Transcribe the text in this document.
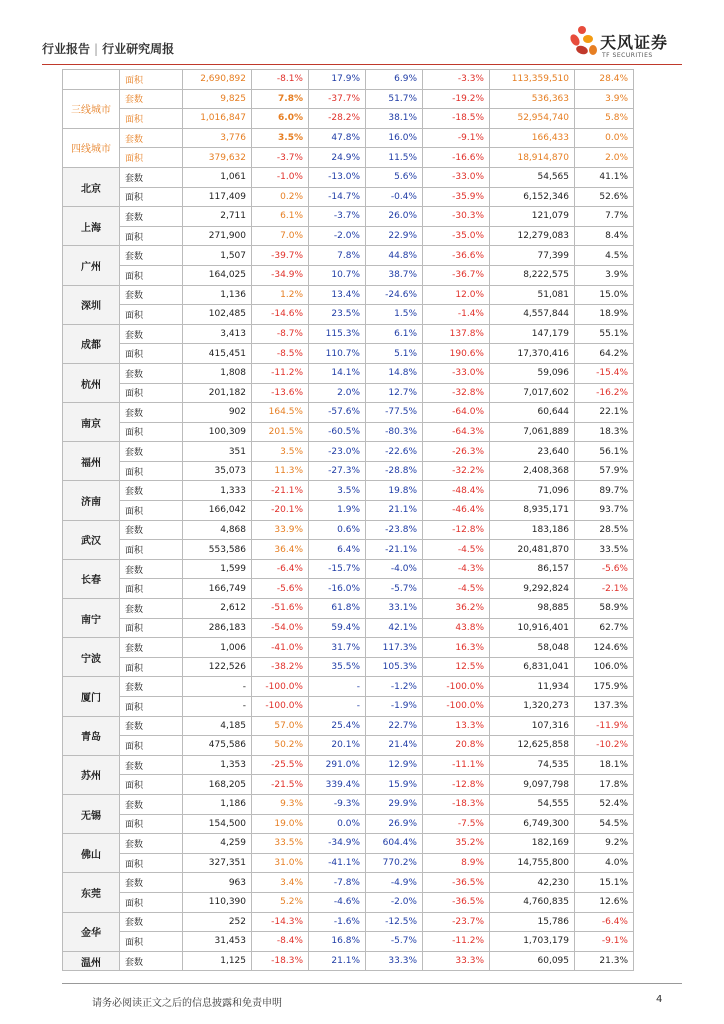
行业报告 | 行业研究周报	天风证券
TF SECURITIES
	面积	2,690,892	-8.1%	17.9%	6.9%	-3.3%	113,359,510	28.4%
三线城市	套数	9,825	7.8%	-37.7%	51.7%	-19.2%	536,363	3.9%
	面积	1,016,847	6.0%	-28.2%	38.1%	-18.5%	52,954,740	5.8%
四线城市	套数	3,776	3.5%	47.8%	16.0%	-9.1%	166,433	0.0%
	面积	379,632	-3.7%	24.9%	11.5%	-16.6%	18,914,870	2.0%
北京	套数	1,061	-1.0%	-13.0%	5.6%	-33.0%	54,565	41.1%
	面积	117,409	0.2%	-14.7%	-0.4%	-35.9%	6,152,346	52.6%
上海	套数	2,711	6.1%	-3.7%	26.0%	-30.3%	121,079	7.7%
	面积	271,900	7.0%	-2.0%	22.9%	-35.0%	12,279,083	8.4%
广州	套数	1,507	-39.7%	7.8%	44.8%	-36.6%	77,399	4.5%
	面积	164,025	-34.9%	10.7%	38.7%	-36.7%	8,222,575	3.9%
深圳	套数	1,136	1.2%	13.4%	-24.6%	12.0%	51,081	15.0%
	面积	102,485	-14.6%	23.5%	1.5%	-1.4%	4,557,844	18.9%
成都	套数	3,413	-8.7%	115.3%	6.1%	137.8%	147,179	55.1%
	面积	415,451	-8.5%	110.7%	5.1%	190.6%	17,370,416	64.2%
杭州	套数	1,808	-11.2%	14.1%	14.8%	-33.0%	59,096	-15.4%
	面积	201,182	-13.6%	2.0%	12.7%	-32.8%	7,017,602	-16.2%
南京	套数	902	164.5%	-57.6%	-77.5%	-64.0%	60,644	22.1%
	面积	100,309	201.5%	-60.5%	-80.3%	-64.3%	7,061,889	18.3%
福州	套数	351	3.5%	-23.0%	-22.6%	-26.3%	23,640	56.1%
	面积	35,073	11.3%	-27.3%	-28.8%	-32.2%	2,408,368	57.9%
济南	套数	1,333	-21.1%	3.5%	19.8%	-48.4%	71,096	89.7%
	面积	166,042	-20.1%	1.9%	21.1%	-46.4%	8,935,171	93.7%
武汉	套数	4,868	33.9%	0.6%	-23.8%	-12.8%	183,186	28.5%
	面积	553,586	36.4%	6.4%	-21.1%	-4.5%	20,481,870	33.5%
长春	套数	1,599	-6.4%	-15.7%	-4.0%	-4.3%	86,157	-5.6%
	面积	166,749	-5.6%	-16.0%	-5.7%	-4.5%	9,292,824	-2.1%
南宁	套数	2,612	-51.6%	61.8%	33.1%	36.2%	98,885	58.9%
	面积	286,183	-54.0%	59.4%	42.1%	43.8%	10,916,401	62.7%
宁波	套数	1,006	-41.0%	31.7%	117.3%	16.3%	58,048	124.6%
	面积	122,526	-38.2%	35.5%	105.3%	12.5%	6,831,041	106.0%
厦门	套数	-	-100.0%	-	-1.2%	-100.0%	11,934	175.9%
	面积	-	-100.0%	-	-1.9%	-100.0%	1,320,273	137.3%
青岛	套数	4,185	57.0%	25.4%	22.7%	13.3%	107,316	-11.9%
	面积	475,586	50.2%	20.1%	21.4%	20.8%	12,625,858	-10.2%
苏州	套数	1,353	-25.5%	291.0%	12.9%	-11.1%	74,535	18.1%
	面积	168,205	-21.5%	339.4%	15.9%	-12.8%	9,097,798	17.8%
无锡	套数	1,186	9.3%	-9.3%	29.9%	-18.3%	54,555	52.4%
	面积	154,500	19.0%	0.0%	26.9%	-7.5%	6,749,300	54.5%
佛山	套数	4,259	33.5%	-34.9%	604.4%	35.2%	182,169	9.2%
	面积	327,351	31.0%	-41.1%	770.2%	8.9%	14,755,800	4.0%
东莞	套数	963	3.4%	-7.8%	-4.9%	-36.5%	42,230	15.1%
	面积	110,390	5.2%	-4.6%	-2.0%	-36.5%	4,760,835	12.6%
金华	套数	252	-14.3%	-1.6%	-12.5%	-23.7%	15,786	-6.4%
	面积	31,453	-8.4%	16.8%	-5.7%	-11.2%	1,703,179	-9.1%
温州	套数	1,125	-18.3%	21.1%	33.3%	33.3%	60,095	21.3%
请务必阅读正文之后的信息披露和免责申明	4
